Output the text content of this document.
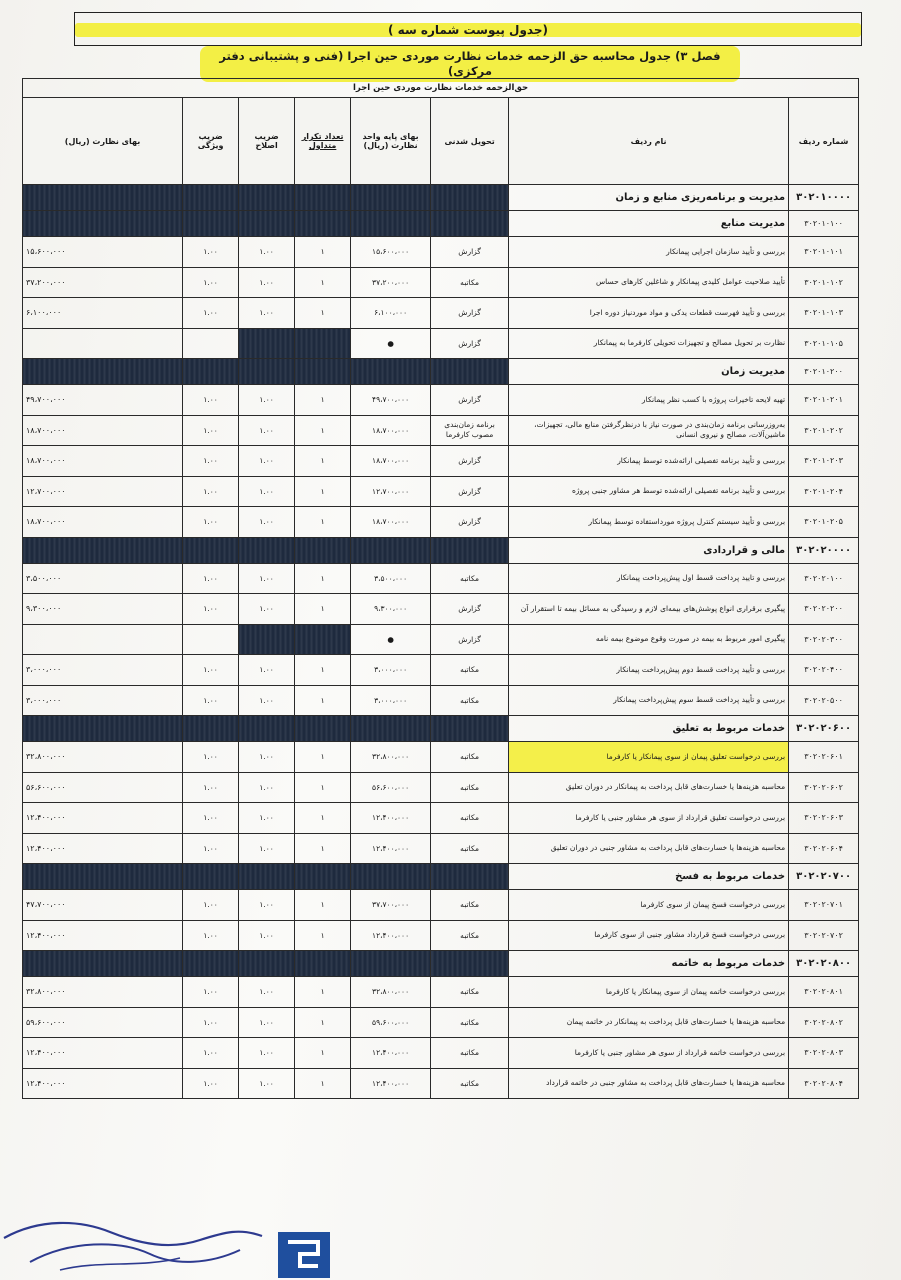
(جدول پیوست شماره سه )
فصل ۳) جدول محاسبه حق الزحمه خدمات نظارت موردی حین اجرا (فنی و پشتیبانی دفتر مرکزی)
حق‌الزحمه خدمات نظارت موردی حین اجرا							
شماره ردیف	نام ردیف	تحویل شدنی	بهای پایه واحد نظارت (ریال)	تعداد تکرار متداول	ضریب اصلاح	ضریب ویژگی	بهای نظارت (ریال)
۳۰۲۰۱۰۰۰۰	مدیریت و برنامه‌ریزی منابع و زمان						
۳۰۲۰۱۰۱۰۰	مدیریت منابع						
۳۰۲۰۱۰۱۰۱	بررسی و تأیید سازمان اجرایی پیمانکار	گزارش	۱۵،۶۰۰،۰۰۰	۱	۱.۰۰	۱.۰۰	۱۵،۶۰۰،۰۰۰
۳۰۲۰۱۰۱۰۲	تأیید صلاحیت عوامل کلیدی پیمانکار و شاغلین کارهای حساس	مکاتبه	۳۷،۲۰۰،۰۰۰	۱	۱.۰۰	۱.۰۰	۳۷،۲۰۰،۰۰۰
۳۰۲۰۱۰۱۰۳	بررسی و تأیید فهرست قطعات یدکی و مواد موردنیاز دوره اجرا	گزارش	۶،۱۰۰،۰۰۰	۱	۱.۰۰	۱.۰۰	۶،۱۰۰،۰۰۰
۳۰۲۰۱۰۱۰۵	نظارت بر تحویل مصالح و تجهیزات تحویلی کارفرما به پیمانکار	گزارش	●				
۳۰۲۰۱۰۲۰۰	مدیریت زمان						
۳۰۲۰۱۰۲۰۱	تهیه لایحه تاخیرات پروژه با کسب نظر پیمانکار	گزارش	۴۹،۷۰۰،۰۰۰	۱	۱.۰۰	۱.۰۰	۴۹،۷۰۰،۰۰۰
۳۰۲۰۱۰۲۰۲	بەروزرسانی برنامه زمان‌بندی در صورت نیاز با درنظرگرفتن منابع مالی، تجهیزات، ماشین‌آلات، مصالح و نیروی انسانی	برنامه زمان‌بندی مصوب کارفرما	۱۸،۷۰۰،۰۰۰	۱	۱.۰۰	۱.۰۰	۱۸،۷۰۰،۰۰۰
۳۰۲۰۱۰۲۰۳	بررسی و تأیید برنامه تفصیلی ارائه‌شده توسط پیمانکار	گزارش	۱۸،۷۰۰،۰۰۰	۱	۱.۰۰	۱.۰۰	۱۸،۷۰۰،۰۰۰
۳۰۲۰۱۰۲۰۴	بررسی و تأیید برنامه تفصیلی ارائه‌شده توسط هر مشاور جنبی پروژه	گزارش	۱۲،۷۰۰،۰۰۰	۱	۱.۰۰	۱.۰۰	۱۲،۷۰۰،۰۰۰
۳۰۲۰۱۰۲۰۵	بررسی و تأیید سیستم کنترل پروژه مورداستفاده توسط پیمانکار	گزارش	۱۸،۷۰۰،۰۰۰	۱	۱.۰۰	۱.۰۰	۱۸،۷۰۰،۰۰۰
۳۰۲۰۲۰۰۰۰	مالی و قراردادی						
۳۰۲۰۲۰۱۰۰	بررسی و تایید پرداخت قسط اول پیش‌پرداخت پیمانکار	مکاتبه	۳،۵۰۰،۰۰۰	۱	۱.۰۰	۱.۰۰	۳،۵۰۰،۰۰۰
۳۰۲۰۲۰۲۰۰	پیگیری برقراری انواع پوشش‌های بیمه‌ای لازم و رسیدگی به مسائل بیمه تا استقرار آن	گزارش	۹،۳۰۰،۰۰۰	۱	۱.۰۰	۱.۰۰	۹،۳۰۰،۰۰۰
۳۰۲۰۲۰۳۰۰	پیگیری امور مربوط به بیمه در صورت وقوع موضوع بیمه نامه	گزارش	●				
۳۰۲۰۲۰۴۰۰	بررسی و تأیید پرداخت قسط دوم پیش‌پرداخت پیمانکار	مکاتبه	۳،۰۰۰،۰۰۰	۱	۱.۰۰	۱.۰۰	۳،۰۰۰،۰۰۰
۳۰۲۰۲۰۵۰۰	بررسی و تأیید پرداخت قسط سوم پیش‌پرداخت پیمانکار	مکاتبه	۳،۰۰۰،۰۰۰	۱	۱.۰۰	۱.۰۰	۳،۰۰۰،۰۰۰
۳۰۲۰۲۰۶۰۰	خدمات مربوط به تعلیق						
۳۰۲۰۲۰۶۰۱	بررسی درخواست تعلیق پیمان از سوی پیمانکار یا کارفرما	مکاتبه	۳۲،۸۰۰،۰۰۰	۱	۱.۰۰	۱.۰۰	۳۲،۸۰۰،۰۰۰
۳۰۲۰۲۰۶۰۲	محاسبه هزینه‌ها یا خسارت‌های قابل پرداخت به پیمانکار در دوران تعلیق	مکاتبه	۵۶،۶۰۰،۰۰۰	۱	۱.۰۰	۱.۰۰	۵۶،۶۰۰،۰۰۰
۳۰۲۰۲۰۶۰۳	بررسی درخواست تعلیق قرارداد از سوی هر مشاور جنبی یا کارفرما	مکاتبه	۱۲،۴۰۰،۰۰۰	۱	۱.۰۰	۱.۰۰	۱۲،۴۰۰،۰۰۰
۳۰۲۰۲۰۶۰۴	محاسبه هزینه‌ها یا خسارت‌های قابل پرداخت به مشاور جنبی در دوران تعلیق	مکاتبه	۱۲،۴۰۰،۰۰۰	۱	۱.۰۰	۱.۰۰	۱۲،۴۰۰،۰۰۰
۳۰۲۰۲۰۷۰۰	خدمات مربوط به فسخ						
۳۰۲۰۲۰۷۰۱	بررسی درخواست فسخ پیمان از سوی کارفرما	مکاتبه	۳۷،۷۰۰،۰۰۰	۱	۱.۰۰	۱.۰۰	۴۷،۷۰۰،۰۰۰
۳۰۲۰۲۰۷۰۲	بررسی درخواست فسخ قرارداد مشاور جنبی از سوی کارفرما	مکاتبه	۱۲،۴۰۰،۰۰۰	۱	۱.۰۰	۱.۰۰	۱۲،۴۰۰،۰۰۰
۳۰۲۰۲۰۸۰۰	خدمات مربوط به خاتمه						
۳۰۲۰۲۰۸۰۱	بررسی درخواست خاتمه پیمان از سوی پیمانکار یا کارفرما	مکاتبه	۳۲،۸۰۰،۰۰۰	۱	۱.۰۰	۱.۰۰	۳۲،۸۰۰،۰۰۰
۳۰۲۰۲۰۸۰۲	محاسبه هزینه‌ها یا خسارت‌های قابل پرداخت به پیمانکار در خاتمه پیمان	مکاتبه	۵۹،۶۰۰،۰۰۰	۱	۱.۰۰	۱.۰۰	۵۹،۶۰۰،۰۰۰
۳۰۲۰۲۰۸۰۳	بررسی درخواست خاتمه قرارداد از سوی هر مشاور جنبی یا کارفرما	مکاتبه	۱۲،۴۰۰،۰۰۰	۱	۱.۰۰	۱.۰۰	۱۲،۴۰۰،۰۰۰
۳۰۲۰۲۰۸۰۴	محاسبه هزینه‌ها یا خسارت‌های قابل پرداخت به مشاور جنبی در خاتمه قرارداد	مکاتبه	۱۲،۴۰۰،۰۰۰	۱	۱.۰۰	۱.۰۰	۱۲،۴۰۰،۰۰۰
